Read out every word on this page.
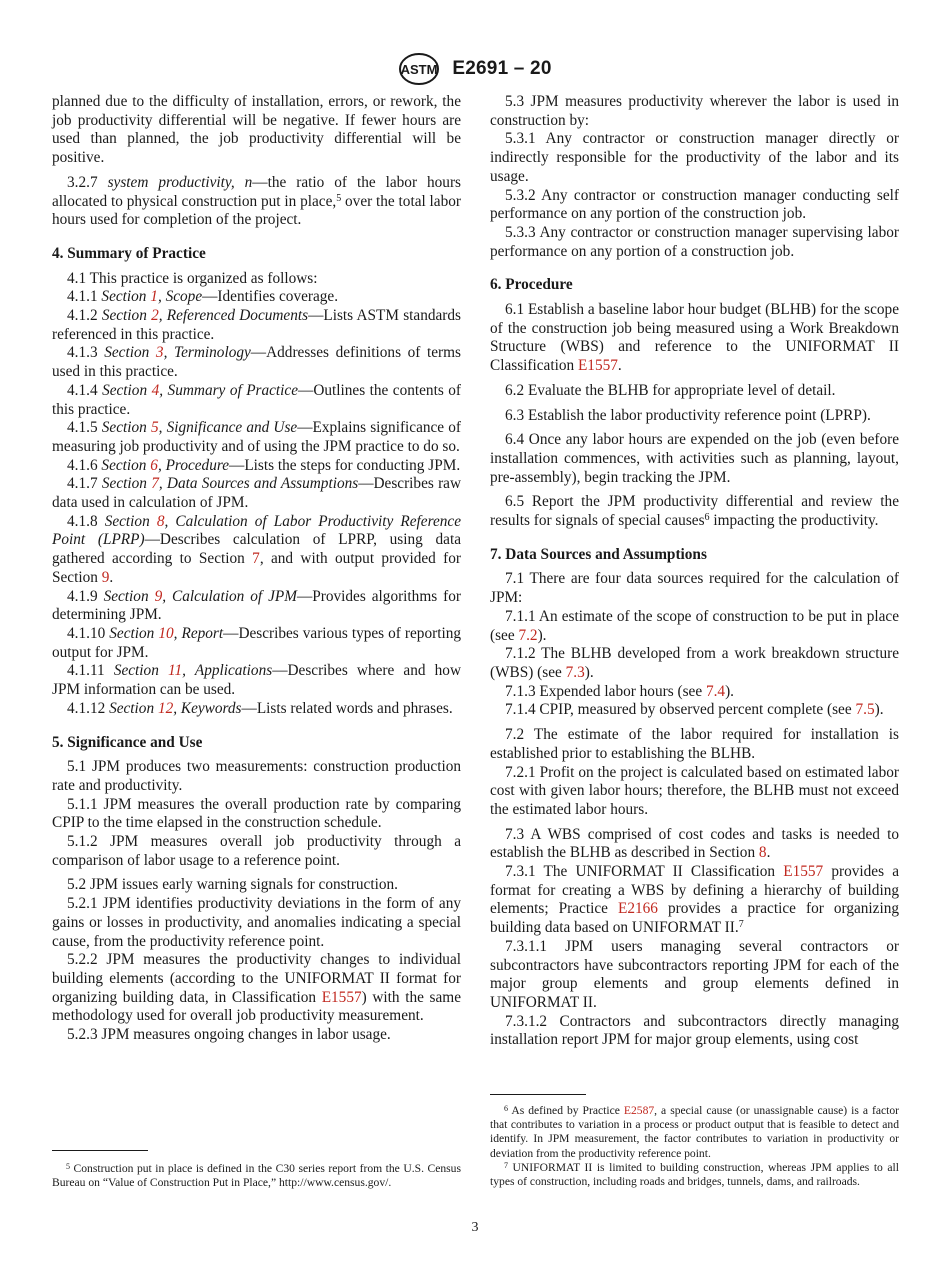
ASTM E2691 – 20

planned due to the difficulty of installation, errors, or rework, the job productivity differential will be negative. If fewer hours are used than planned, the job productivity differential will be positive.

3.2.7 system productivity, n—the ratio of the labor hours allocated to physical construction put in place,$^5$ over the total labor hours used for completion of the project.

4. Summary of Practice

4.1 This practice is organized as follows:

4.1.1 Section 1, Scope—Identifies coverage.

4.1.2 Section 2, Referenced Documents—Lists ASTM standards referenced in this practice.

4.1.3 Section 3, Terminology—Addresses definitions of terms used in this practice.

4.1.4 Section 4, Summary of Practice—Outlines the contents of this practice.

4.1.5 Section 5, Significance and Use—Explains significance of measuring job productivity and of using the JPM practice to do so.

4.1.6 Section 6, Procedure—Lists the steps for conducting JPM.

4.1.7 Section 7, Data Sources and Assumptions—Describes raw data used in calculation of JPM.

4.1.8 Section 8, Calculation of Labor Productivity Reference Point (LPRP)—Describes calculation of LPRP, using data gathered according to Section 7, and with output provided for Section 9.

4.1.9 Section 9, Calculation of JPM—Provides algorithms for determining JPM.

4.1.10 Section 10, Report—Describes various types of reporting output for JPM.

4.1.11 Section 11, Applications—Describes where and how JPM information can be used.

4.1.12 Section 12, Keywords—Lists related words and phrases.

5. Significance and Use

5.1 JPM produces two measurements: construction production rate and productivity.

5.1.1 JPM measures the overall production rate by comparing CPIP to the time elapsed in the construction schedule.

5.1.2 JPM measures overall job productivity through a comparison of labor usage to a reference point.

5.2 JPM issues early warning signals for construction.

5.2.1 JPM identifies productivity deviations in the form of any gains or losses in productivity, and anomalies indicating a special cause, from the productivity reference point.

5.2.2 JPM measures the productivity changes to individual building elements (according to the UNIFORMAT II format for organizing building data, in Classification E1557) with the same methodology used for overall job productivity measurement.

5.2.3 JPM measures ongoing changes in labor usage.

$^5$ Construction put in place is defined in the C30 series report from the U.S. Census Bureau on “Value of Construction Put in Place,” http://www.census.gov/.

5.3 JPM measures productivity wherever the labor is used in construction by:

5.3.1 Any contractor or construction manager directly or indirectly responsible for the productivity of the labor and its usage.

5.3.2 Any contractor or construction manager conducting self performance on any portion of the construction job.

5.3.3 Any contractor or construction manager supervising labor performance on any portion of a construction job.

6. Procedure

6.1 Establish a baseline labor hour budget (BLHB) for the scope of the construction job being measured using a Work Breakdown Structure (WBS) and reference to the UNIFORMAT II Classification E1557.

6.2 Evaluate the BLHB for appropriate level of detail.

6.3 Establish the labor productivity reference point (LPRP).

6.4 Once any labor hours are expended on the job (even before installation commences, with activities such as planning, layout, pre-assembly), begin tracking the JPM.

6.5 Report the JPM productivity differential and review the results for signals of special causes$^6$ impacting the productivity.

7. Data Sources and Assumptions

7.1 There are four data sources required for the calculation of JPM:

7.1.1 An estimate of the scope of construction to be put in place (see 7.2).

7.1.2 The BLHB developed from a work breakdown structure (WBS) (see 7.3).

7.1.3 Expended labor hours (see 7.4).

7.1.4 CPIP, measured by observed percent complete (see 7.5).

7.2 The estimate of the labor required for installation is established prior to establishing the BLHB.

7.2.1 Profit on the project is calculated based on estimated labor cost with given labor hours; therefore, the BLHB must not exceed the estimated labor hours.

7.3 A WBS comprised of cost codes and tasks is needed to establish the BLHB as described in Section 8.

7.3.1 The UNIFORMAT II Classification E1557 provides a format for creating a WBS by defining a hierarchy of building elements; Practice E2166 provides a practice for organizing building data based on UNIFORMAT II.$^7$

7.3.1.1 JPM users managing several contractors or subcontractors have subcontractors reporting JPM for each of the major group elements and group elements defined in UNIFORMAT II.

7.3.1.2 Contractors and subcontractors directly managing installation report JPM for major group elements, using cost

$^6$ As defined by Practice E2587, a special cause (or unassignable cause) is a factor that contributes to variation in a process or product output that is feasible to detect and identify. In JPM measurement, the factor contributes to variation in productivity or deviation from the productivity reference point.

$^7$ UNIFORMAT II is limited to building construction, whereas JPM applies to all types of construction, including roads and bridges, tunnels, dams, and railroads.

3
